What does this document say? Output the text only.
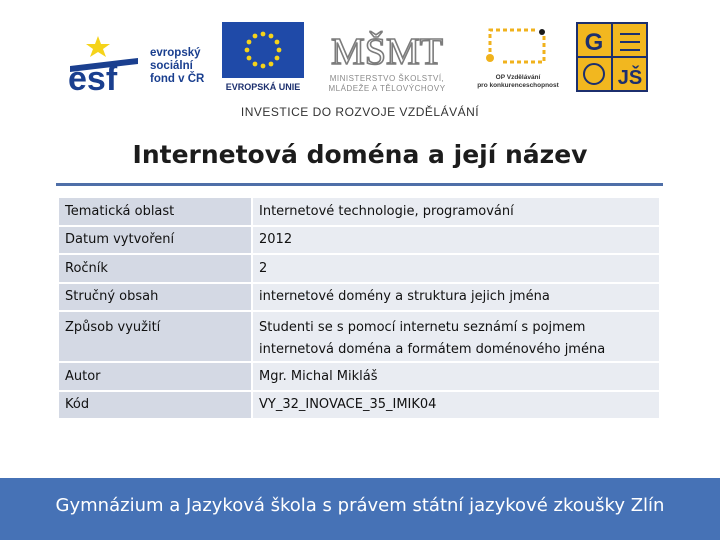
esf
evropský
sociální
fond v ČR
EVROPSKÁ UNIE
MŠMT
MINISTERSTVO ŠKOLSTVÍ,
MLÁDEŽE A TĚLOVÝCHOVY
OP Vzdělávání
pro konkurenceschopnost
G
JŠ
INVESTICE DO ROZVOJE VZDĚLÁVÁNÍ
Internetová doména a její název
Tematická oblast	Internetové technologie, programování
Datum vytvoření	2012
Ročník	2
Stručný obsah	internetové domény a struktura jejich jména
Způsob využití	Studenti se s pomocí internetu seznámí s pojmem
internetová doména a formátem doménového jména

Autor	Mgr. Michal Mikláš
Kód	VY_32_INOVACE_35_IMIK04
Gymnázium a Jazyková škola s právem státní jazykové zkoušky Zlín
